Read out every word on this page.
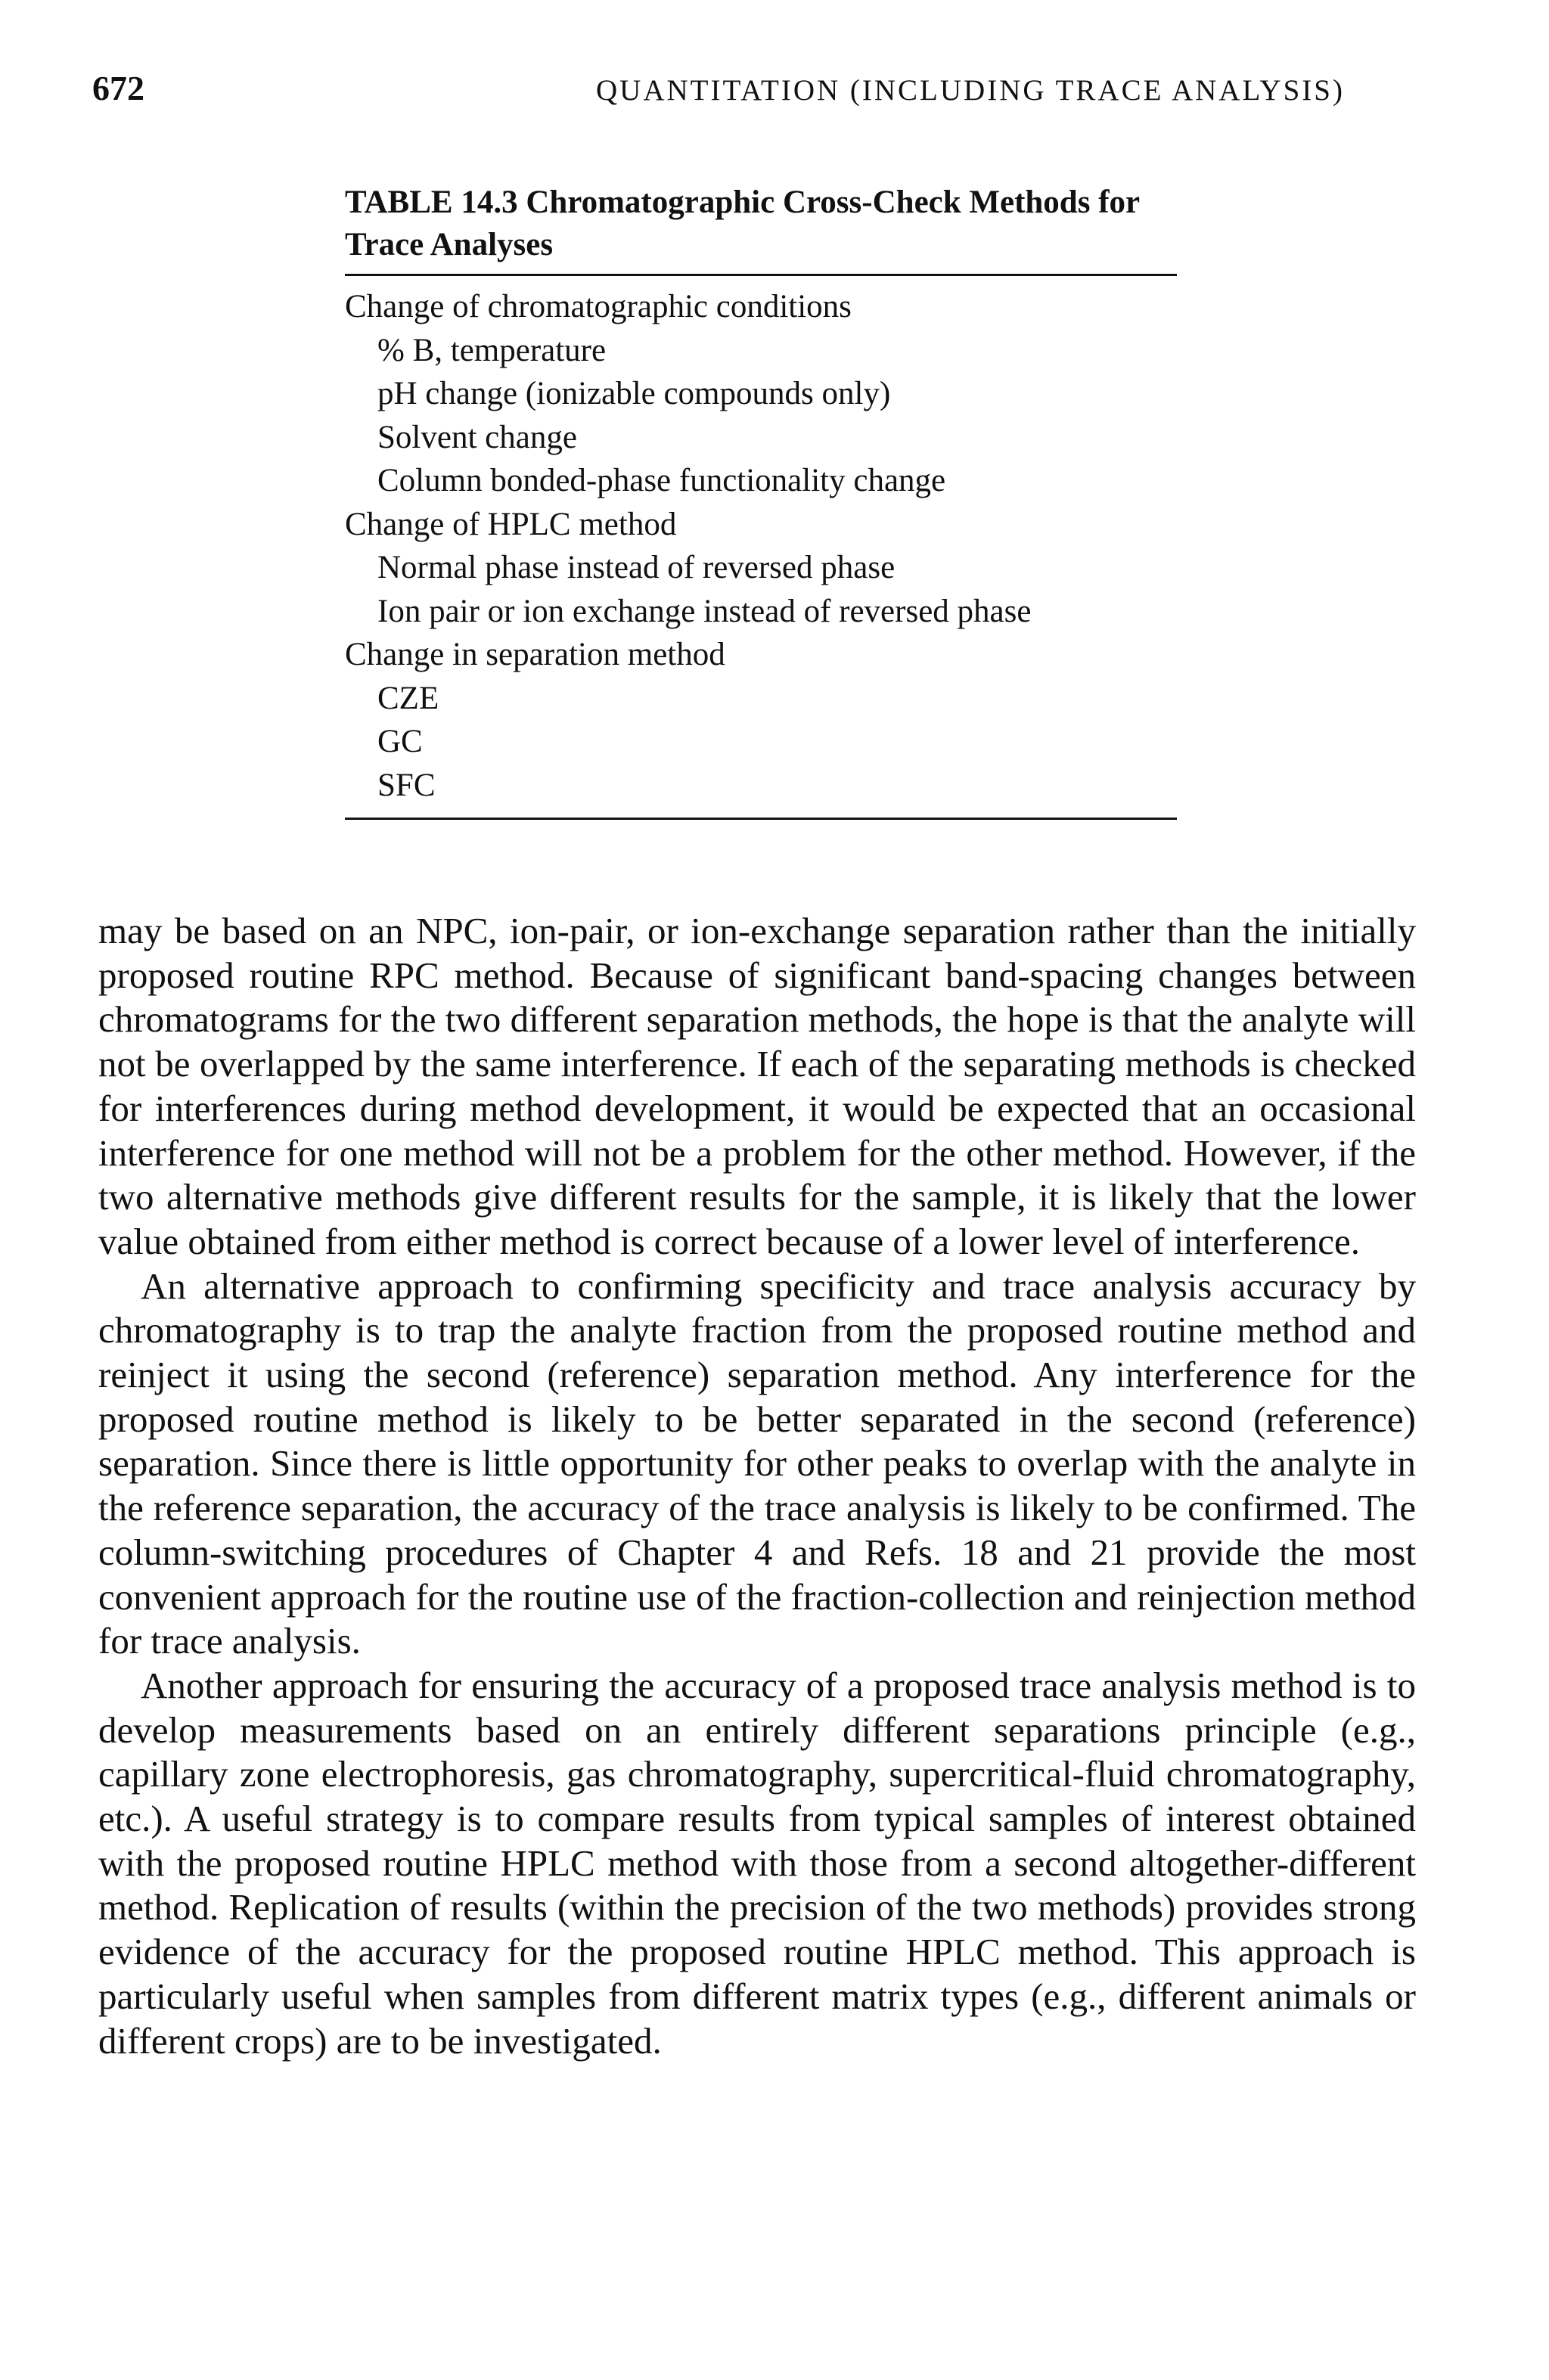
672	QUANTITATION (INCLUDING TRACE ANALYSIS)

TABLE 14.3 Chromatographic Cross-Check Methods for Trace Analyses

Change of chromatographic conditions
% B, temperature
pH change (ionizable compounds only)
Solvent change
Column bonded-phase functionality change
Change of HPLC method
Normal phase instead of reversed phase
Ion pair or ion exchange instead of reversed phase
Change in separation method
CZE
GC
SFC

may be based on an NPC, ion-pair, or ion-exchange separation rather than the initially proposed routine RPC method. Because of significant band-spacing changes between chromatograms for the two different separation methods, the hope is that the analyte will not be overlapped by the same interference. If each of the separating methods is checked for interferences during method development, it would be expected that an occasional interference for one method will not be a problem for the other method. However, if the two alternative methods give different results for the sample, it is likely that the lower value obtained from either method is correct because of a lower level of interference.

An alternative approach to confirming specificity and trace analysis accuracy by chromatography is to trap the analyte fraction from the proposed routine method and reinject it using the second (reference) separation method. Any interference for the proposed routine method is likely to be better separated in the second (reference) separation. Since there is little opportunity for other peaks to overlap with the analyte in the reference separation, the accuracy of the trace analysis is likely to be confirmed. The column-switching procedures of Chapter 4 and Refs. 18 and 21 provide the most convenient approach for the routine use of the fraction-collection and reinjection method for trace analysis.

Another approach for ensuring the accuracy of a proposed trace analysis method is to develop measurements based on an entirely different separations principle (e.g., capillary zone electrophoresis, gas chromatography, supercritical-fluid chromatography, etc.). A useful strategy is to compare results from typical samples of interest obtained with the proposed routine HPLC method with those from a second altogether-different method. Replication of results (within the precision of the two methods) provides strong evidence of the accuracy for the proposed routine HPLC method. This approach is particularly useful when samples from different matrix types (e.g., different animals or different crops) are to be investigated.
